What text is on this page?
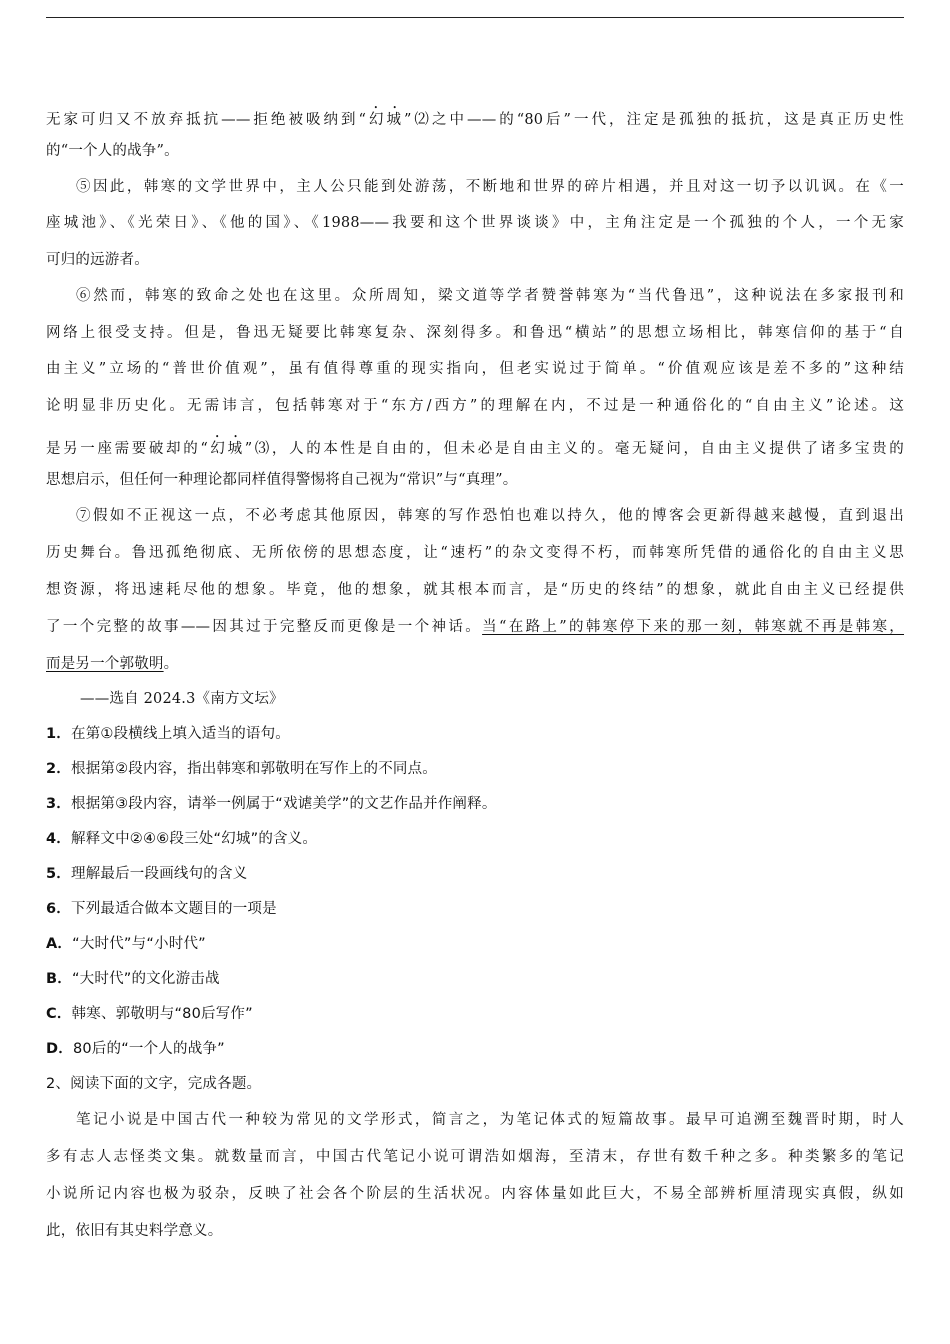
无家可归又不放弃抵抗——拒绝被吸纳到“幻城”⑵之中——的“80后”一代，注定是孤独的抵抗，这是真正历史性
的“一个人的战争”。
⑤因此，韩寒的文学世界中，主人公只能到处游荡，不断地和世界的碎片相遇，并且对这一切予以讥讽。在《一
座城池》、《光荣日》、《他的国》、《1988——我要和这个世界谈谈》中，主角注定是一个孤独的个人，一个无家
可归的远游者。
⑥然而，韩寒的致命之处也在这里。众所周知，梁文道等学者赞誉韩寒为“当代鲁迅”，这种说法在多家报刊和
网络上很受支持。但是，鲁迅无疑要比韩寒复杂、深刻得多。和鲁迅“横站”的思想立场相比，韩寒信仰的基于“自
由主义”立场的“普世价值观”，虽有值得尊重的现实指向，但老实说过于简单。“价值观应该是差不多的”这种结
论明显非历史化。无需讳言，包括韩寒对于“东方/西方”的理解在内，不过是一种通俗化的“自由主义”论述。这
是另一座需要破却的“幻城”⑶，人的本性是自由的，但未必是自由主义的。毫无疑问，自由主义提供了诸多宝贵的
思想启示，但任何一种理论都同样值得警惕将自己视为“常识”与“真理”。
⑦假如不正视这一点，不必考虑其他原因，韩寒的写作恐怕也难以持久，他的博客会更新得越来越慢，直到退出
历史舞台。鲁迅孤绝彻底、无所依傍的思想态度，让“速朽”的杂文变得不朽，而韩寒所凭借的通俗化的自由主义思
想资源，将迅速耗尽他的想象。毕竟，他的想象，就其根本而言，是“历史的终结”的想象，就此自由主义已经提供
了一个完整的故事——因其过于完整反而更像是一个神话。当“在路上”的韩寒停下来的那一刻，韩寒就不再是韩寒，
而是另一个郭敬明。
——选自 2024.3《南方文坛》
1．在第①段横线上填入适当的语句。
2．根据第②段内容，指出韩寒和郭敬明在写作上的不同点。
3．根据第③段内容，请举一例属于“戏谑美学”的文艺作品并作阐释。
4．解释文中②④⑥段三处“幻城”的含义。
5．理解最后一段画线句的含义
6．下列最适合做本文题目的一项是
A．“大时代”与“小时代”
B．“大时代”的文化游击战
C．韩寒、郭敬明与“80后写作”
D．80后的“一个人的战争”
2、阅读下面的文字，完成各题。
笔记小说是中国古代一种较为常见的文学形式，简言之，为笔记体式的短篇故事。最早可追溯至魏晋时期，时人
多有志人志怪类文集。就数量而言，中国古代笔记小说可谓浩如烟海，至清末，存世有数千种之多。种类繁多的笔记
小说所记内容也极为驳杂，反映了社会各个阶层的生活状况。内容体量如此巨大，不易全部辨析厘清现实真假，纵如
此，依旧有其史料学意义。
